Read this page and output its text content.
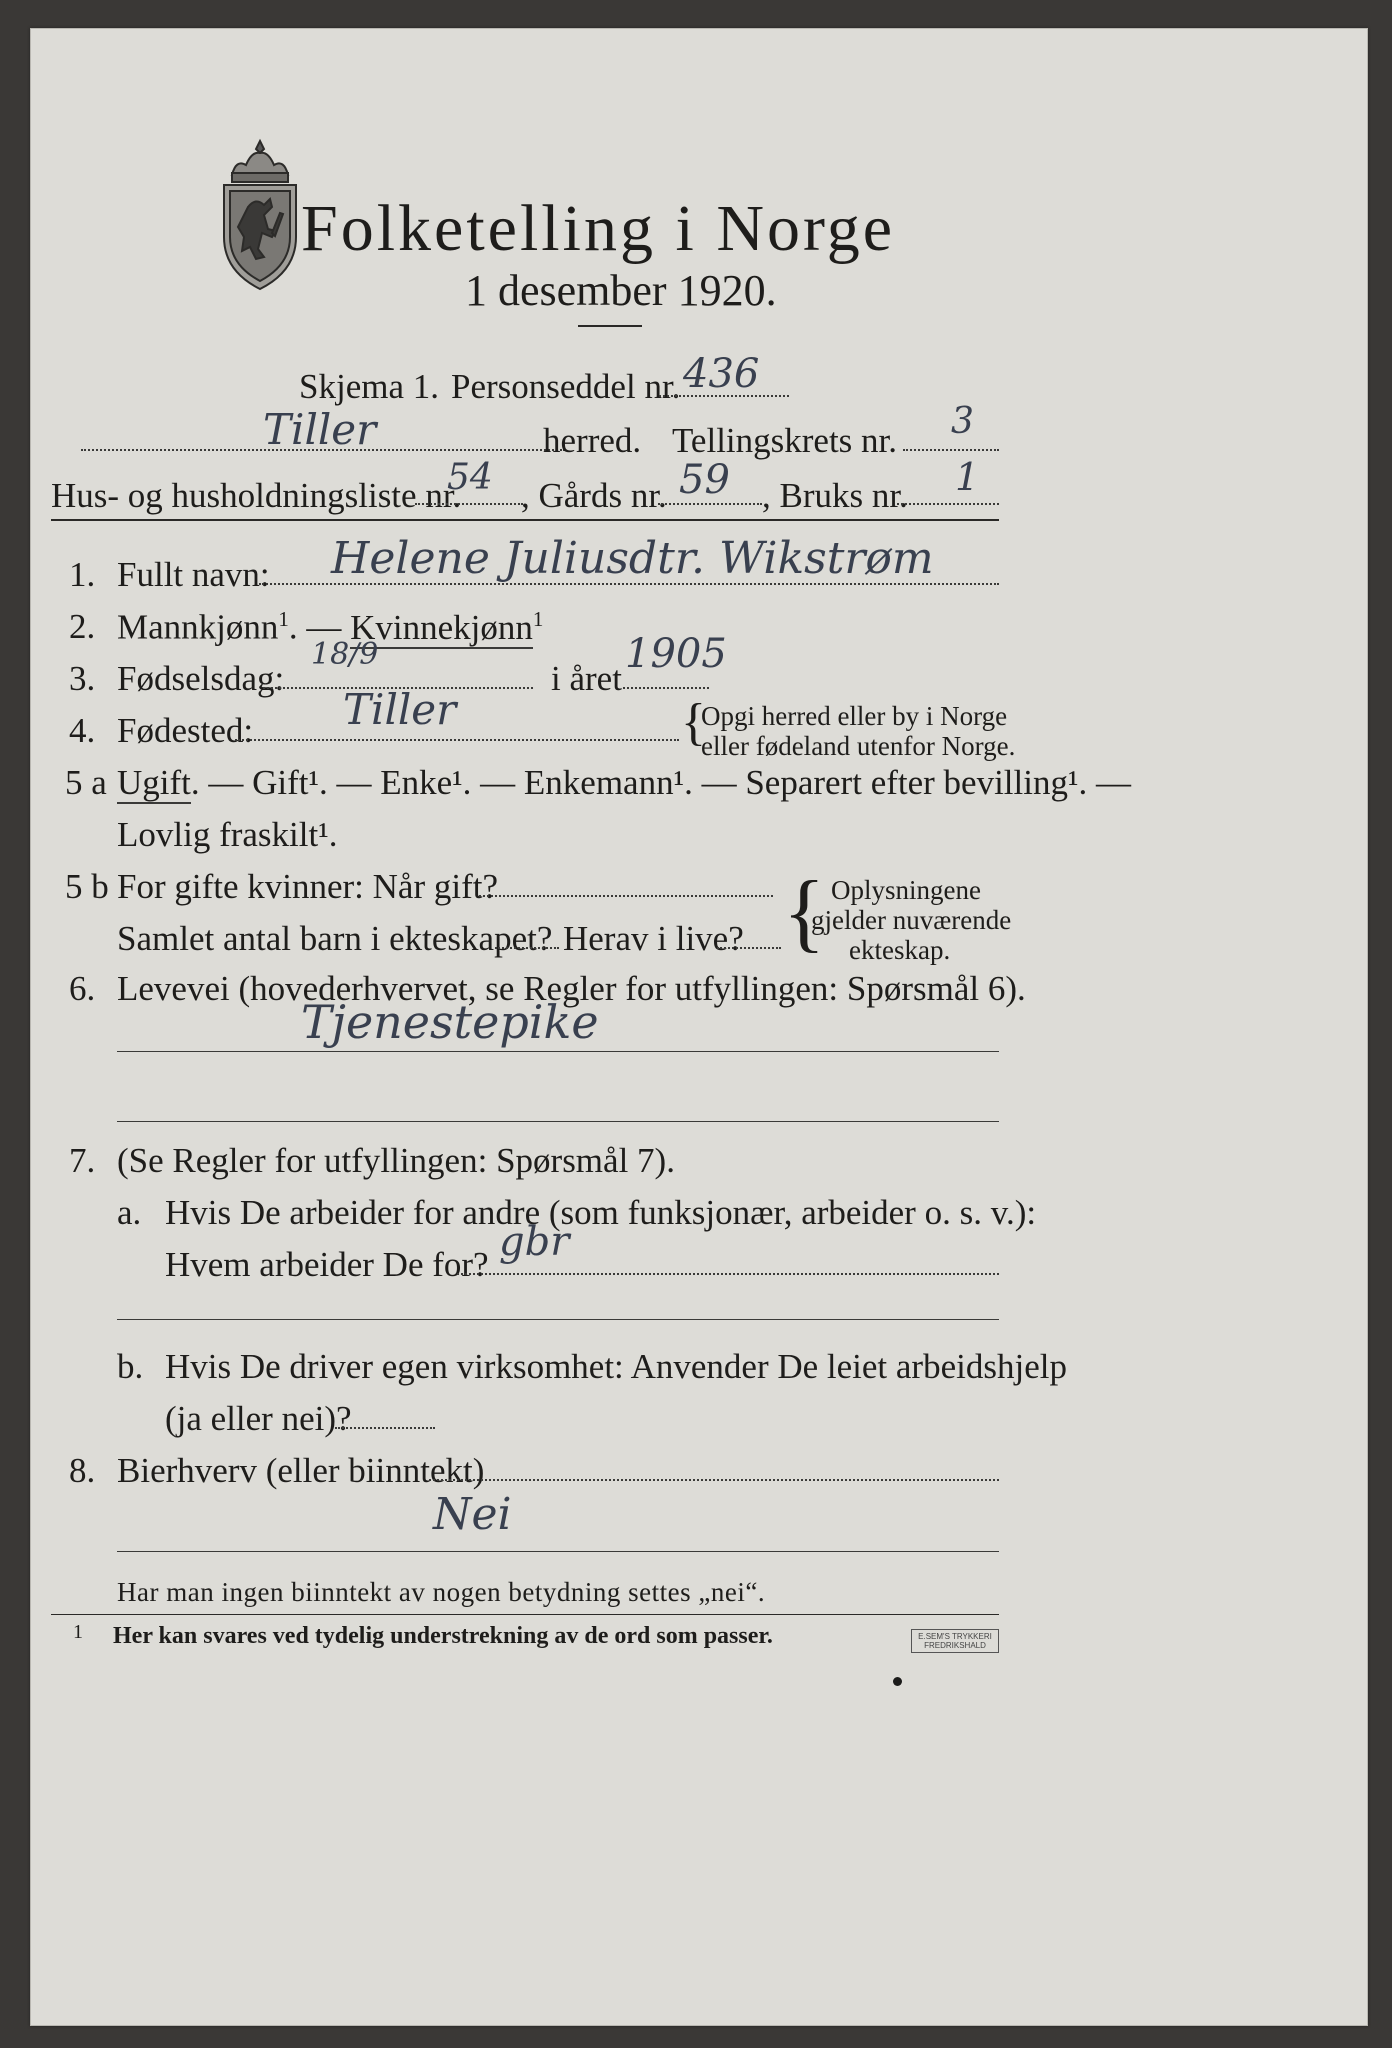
Folketelling i Norge
1 desember 1920.
Skjema 1. Personseddel nr. 436
Tiller	herred. Tellingskrets nr. 3
Hus- og husholdningsliste nr.
54 , Gårds nr. 59 , Bruks nr. 1
1. Fullt navn: Helene Juliusdtr. Wikstrøm
2. Mannkjønn$^1$. — Kvinnekjønn$^1$
3. Fødselsdag:
18/9
i året
1905
4. Fødested: Tiller	{
Opgi herred eller by i Norge
eller fødeland utenfor Norge.
5 a Ugift. — Gift¹. — Enke¹. — Enkemann¹. — Separert efter bevilling¹. —
Lovlig fraskilt¹.
5 b For gifte kvinner: Når gift?
Samlet antal barn i ekteskapet? Herav i live? { Oplysningene
gjelder nuværende
ekteskap.
6. Levevei (hovederhvervet, se Regler for utfyllingen: Spørsmål 6).
Tjenestepike
7. (Se Regler for utfyllingen: Spørsmål 7).
a. Hvis De arbeider for andre (som funksjonær, arbeider o. s. v.):
Hvem arbeider De for? gbr
b. Hvis De driver egen virksomhet: Anvender De leiet arbeidshjelp
(ja eller nei)?
8. Bierhverv (eller biinntekt)
Nei
Har man ingen biinntekt av nogen betydning settes „nei“.
1 Her kan svares ved tydelig understrekning av de ord som passer.	E.SEM'S TRYKKERI FREDRIKSHALD
